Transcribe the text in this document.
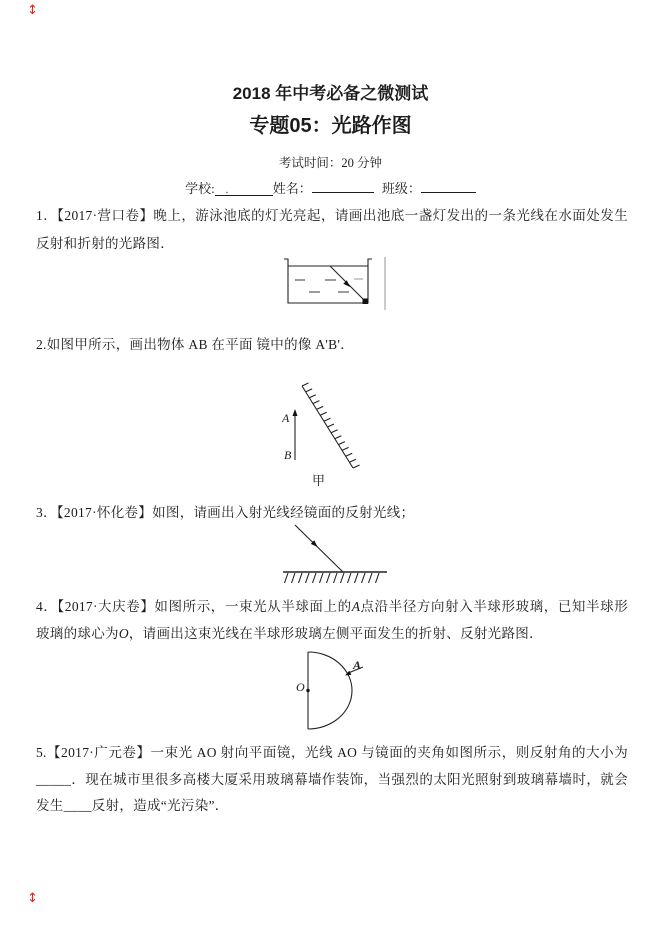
↕
2018 年中考必备之微测试
专题05：光路作图
考试时间：20 分钟
学校: .	姓名：	班级：
1．【2017·营口卷】晚上，游泳池底的灯光亮起，请画出池底一盏灯发出的一条光线在水面处发生反射和折射的光路图．
2.如图甲所示，画出物体 AB 在平面 镜中的像 A'B'．
A
B
甲
3．【2017·怀化卷】如图，请画出入射光线经镜面的反射光线；
4．【2017·大庆卷】如图所示，一束光从半球面上的A点沿半径方向射入半球形玻璃，已知半球形玻璃的球心为O，请画出这束光线在半球形玻璃左侧平面发生的折射、反射光路图．
O
A
5.【2017·广元卷】一束光 AO 射向平面镜，光线 AO 与镜面的夹角如图所示，则反射角的大小为_____．现在城市里很多高楼大厦采用玻璃幕墙作装饰，当强烈的太阳光照射到玻璃幕墙时，就会发生____反射，造成“光污染”．
↕
